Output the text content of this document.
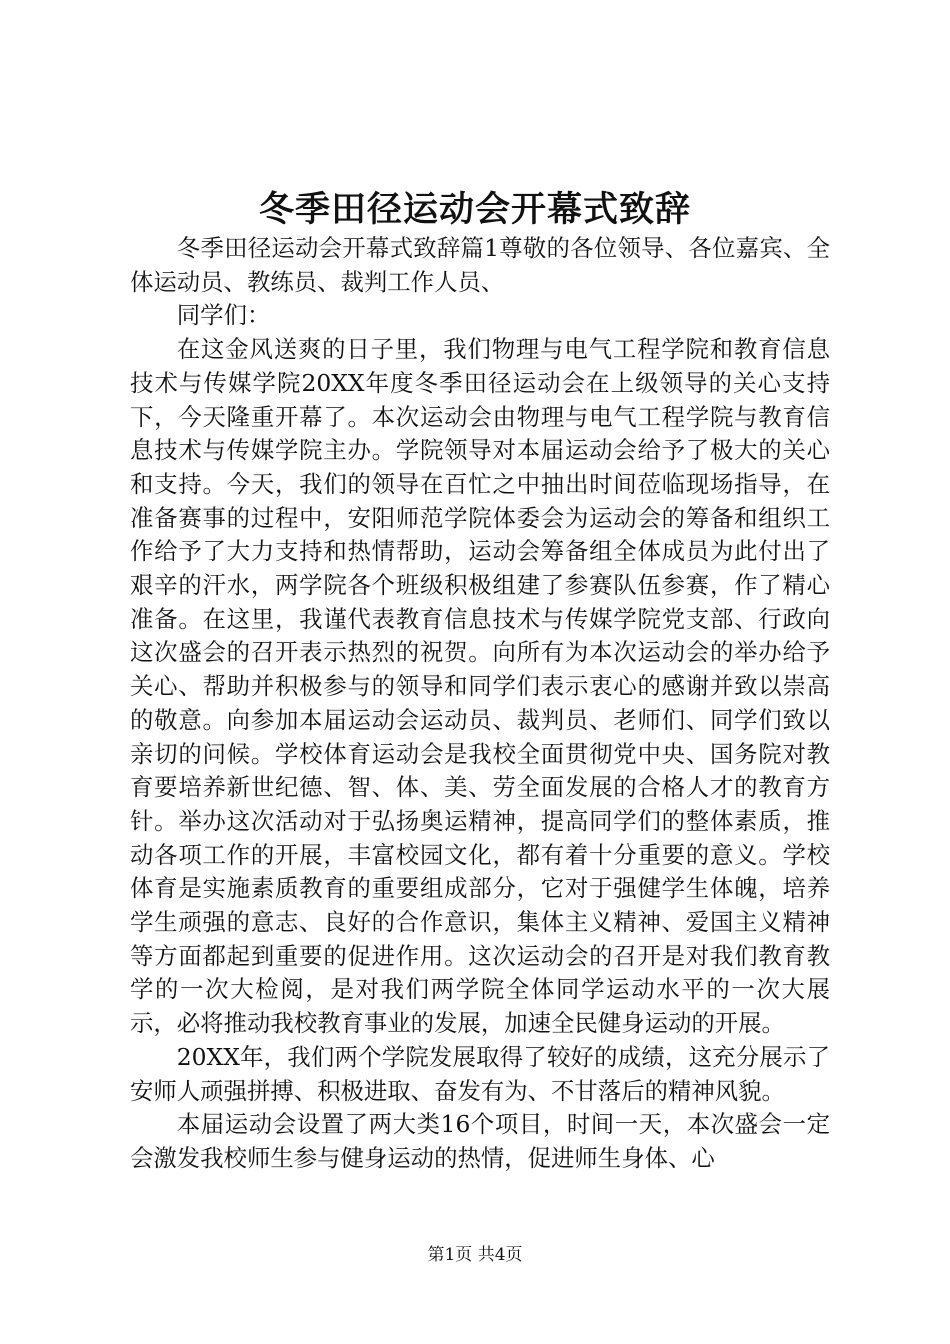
冬季田径运动会开幕式致辞

冬季田径运动会开幕式致辞篇1尊敬的各位领导、各位嘉宾、全体运动员、教练员、裁判工作人员、

同学们：

在这金风送爽的日子里，我们物理与电气工程学院和教育信息技术与传媒学院20XX年度冬季田径运动会在上级领导的关心支持下，今天隆重开幕了。本次运动会由物理与电气工程学院与教育信息技术与传媒学院主办。学院领导对本届运动会给予了极大的关心和支持。今天，我们的领导在百忙之中抽出时间莅临现场指导，在准备赛事的过程中，安阳师范学院体委会为运动会的筹备和组织工作给予了大力支持和热情帮助，运动会筹备组全体成员为此付出了艰辛的汗水，两学院各个班级积极组建了参赛队伍参赛，作了精心准备。在这里，我谨代表教育信息技术与传媒学院党支部、行政向这次盛会的召开表示热烈的祝贺。向所有为本次运动会的举办给予关心、帮助并积极参与的领导和同学们表示衷心的感谢并致以崇高的敬意。向参加本届运动会运动员、裁判员、老师们、同学们致以亲切的问候。学校体育运动会是我校全面贯彻党中央、国务院对教育要培养新世纪德、智、体、美、劳全面发展的合格人才的教育方针。举办这次活动对于弘扬奥运精神，提高同学们的整体素质，推动各项工作的开展，丰富校园文化，都有着十分重要的意义。学校体育是实施素质教育的重要组成部分，它对于强健学生体魄，培养学生顽强的意志、良好的合作意识，集体主义精神、爱国主义精神等方面都起到重要的促进作用。这次运动会的召开是对我们教育教学的一次大检阅，是对我们两学院全体同学运动水平的一次大展示，必将推动我校教育事业的发展，加速全民健身运动的开展。

20XX年，我们两个学院发展取得了较好的成绩，这充分展示了安师人顽强拼搏、积极进取、奋发有为、不甘落后的精神风貌。

本届运动会设置了两大类16个项目，时间一天，本次盛会一定会激发我校师生参与健身运动的热情，促进师生身体、心

第1页 共4页
